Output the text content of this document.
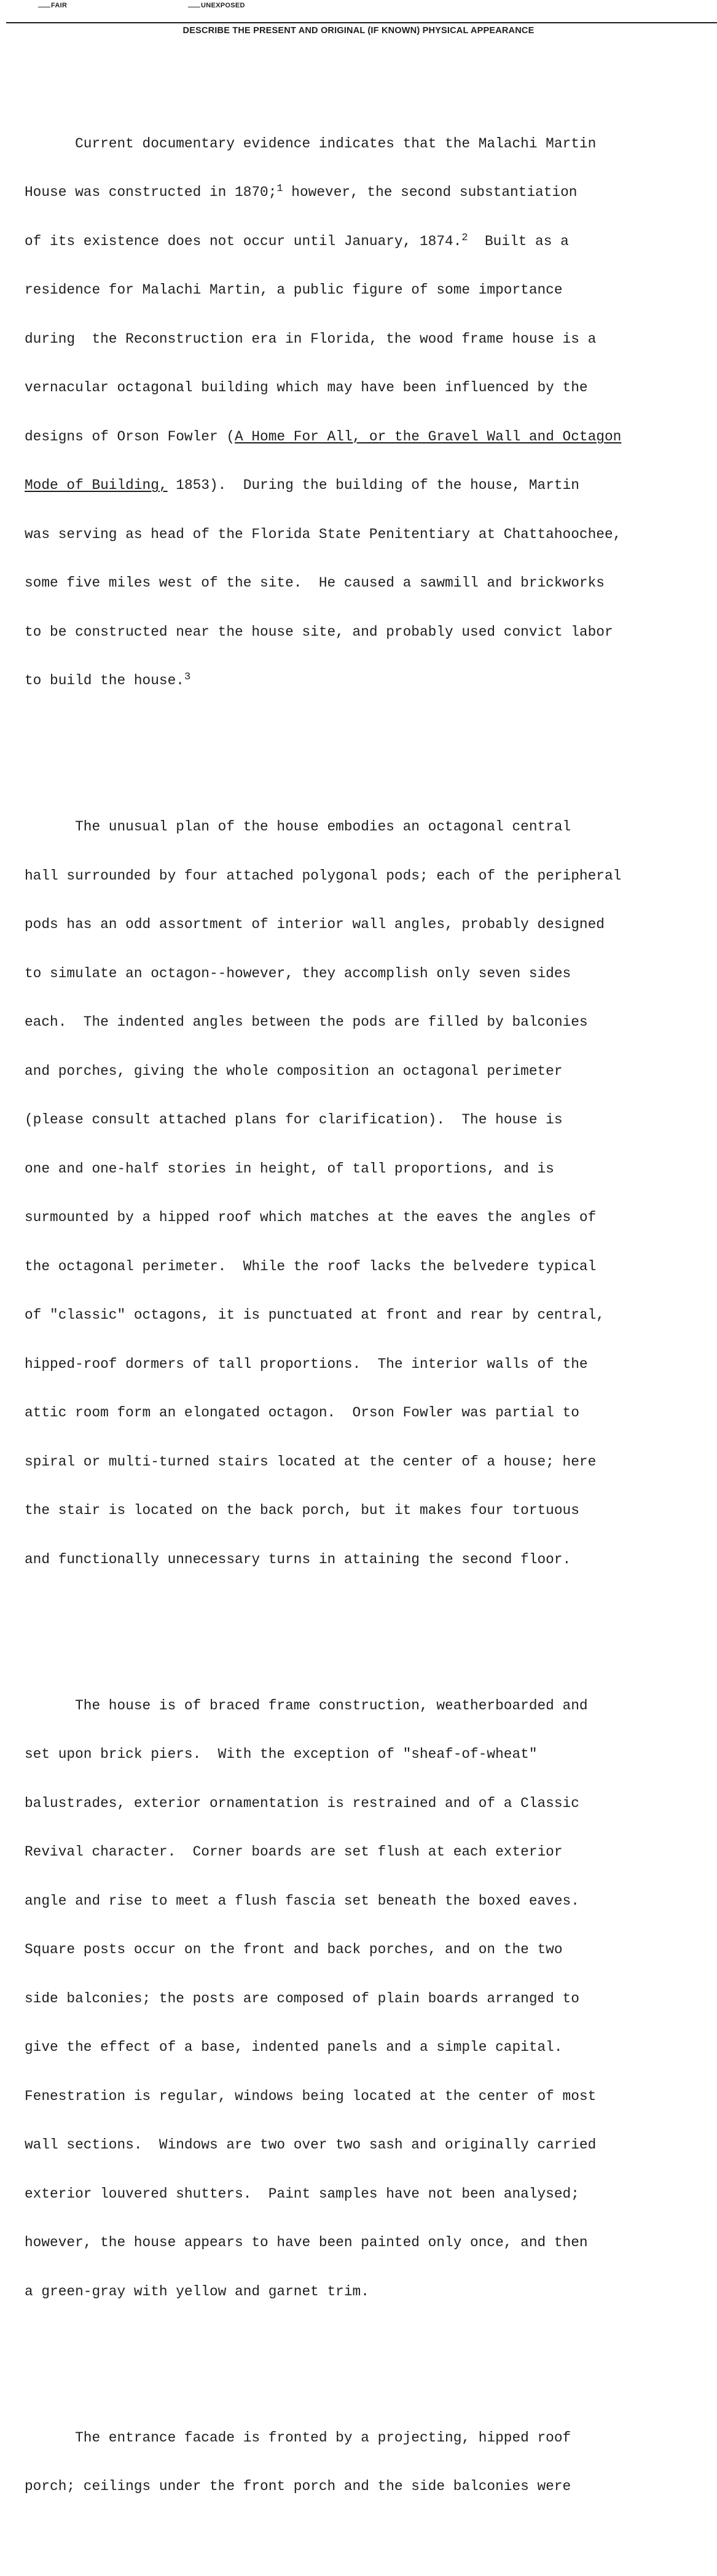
FAIR	UNEXPOSED
DESCRIBE THE PRESENT AND ORIGINAL (IF KNOWN) PHYSICAL APPEARANCE

Current documentary evidence indicates that the Malachi Martin

House was constructed in 1870;$^1$ however, the second substantiation

of its existence does not occur until January, 1874.$^2$  Built as a

residence for Malachi Martin, a public figure of some importance

during  the Reconstruction era in Florida, the wood frame house is a

vernacular octagonal building which may have been influenced by the

designs of Orson Fowler (A Home For All, or the Gravel Wall and Octagon

Mode of Building, 1853).  During the building of the house, Martin

was serving as head of the Florida State Penitentiary at Chattahoochee,

some five miles west of the site.  He caused a sawmill and brickworks

to be constructed near the house site, and probably used convict labor

to build the house.$^3$

The unusual plan of the house embodies an octagonal central

hall surrounded by four attached polygonal pods; each of the peripheral

pods has an odd assortment of interior wall angles, probably designed

to simulate an octagon--however, they accomplish only seven sides

each.  The indented angles between the pods are filled by balconies

and porches, giving the whole composition an octagonal perimeter

(please consult attached plans for clarification).  The house is

one and one-half stories in height, of tall proportions, and is

surmounted by a hipped roof which matches at the eaves the angles of

the octagonal perimeter.  While the roof lacks the belvedere typical

of "classic" octagons, it is punctuated at front and rear by central,

hipped-roof dormers of tall proportions.  The interior walls of the

attic room form an elongated octagon.  Orson Fowler was partial to

spiral or multi-turned stairs located at the center of a house; here

the stair is located on the back porch, but it makes four tortuous

and functionally unnecessary turns in attaining the second floor.

The house is of braced frame construction, weatherboarded and

set upon brick piers.  With the exception of "sheaf-of-wheat"

balustrades, exterior ornamentation is restrained and of a Classic

Revival character.  Corner boards are set flush at each exterior

angle and rise to meet a flush fascia set beneath the boxed eaves.

Square posts occur on the front and back porches, and on the two

side balconies; the posts are composed of plain boards arranged to

give the effect of a base, indented panels and a simple capital.

Fenestration is regular, windows being located at the center of most

wall sections.  Windows are two over two sash and originally carried

exterior louvered shutters.  Paint samples have not been analysed;

however, the house appears to have been painted only once, and then

a green-gray with yellow and garnet trim.

The entrance facade is fronted by a projecting, hipped roof

porch; ceilings under the front porch and the side balconies were
